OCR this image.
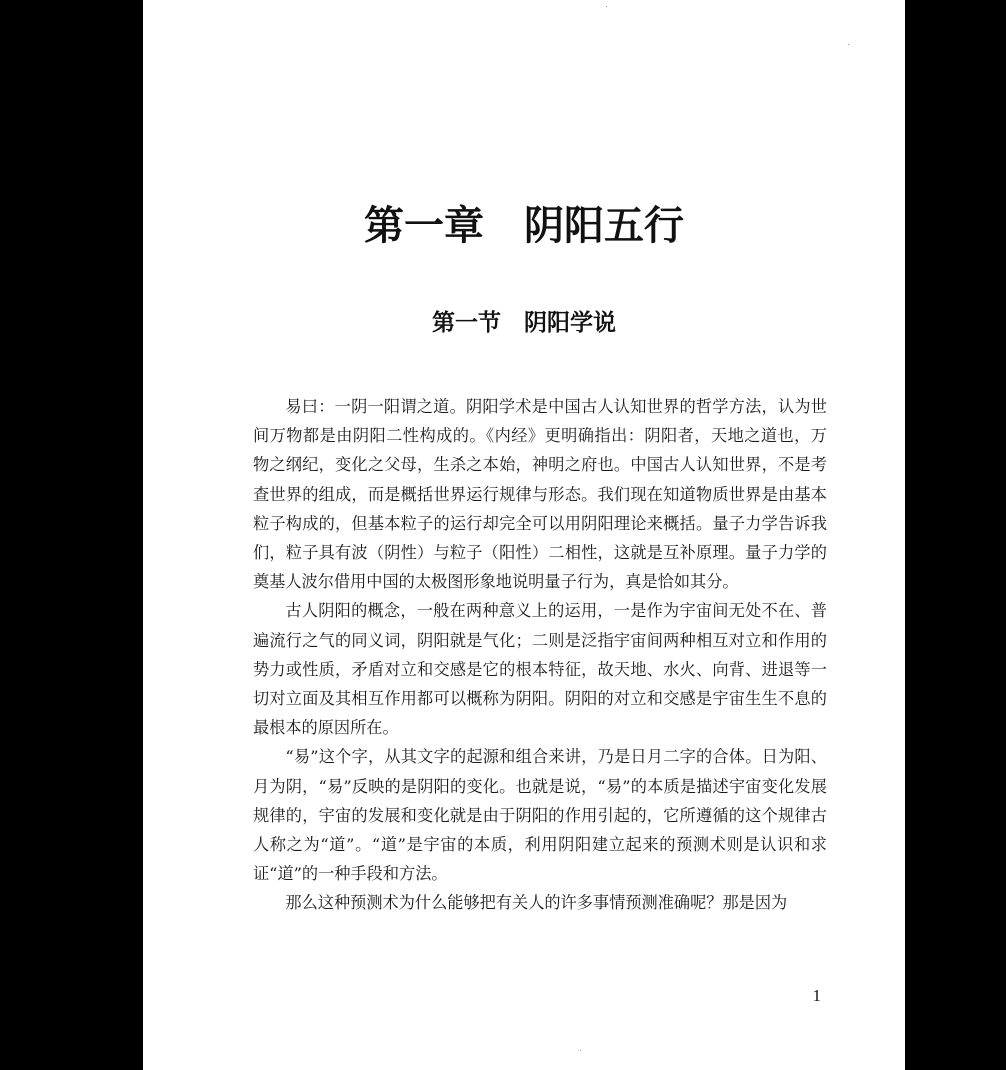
第一章　阴阳五行
第一节　阴阳学说

易曰：一阴一阳谓之道。阴阳学术是中国古人认知世界的哲学方法，认为世间万物都是由阴阳二性构成的。《内经》更明确指出：阴阳者，天地之道也，万物之纲纪，变化之父母，生杀之本始，神明之府也。中国古人认知世界，不是考查世界的组成，而是概括世界运行规律与形态。我们现在知道物质世界是由基本粒子构成的，但基本粒子的运行却完全可以用阴阳理论来概括。量子力学告诉我们，粒子具有波（阴性）与粒子（阳性）二相性，这就是互补原理。量子力学的奠基人波尔借用中国的太极图形象地说明量子行为，真是恰如其分。

古人阴阳的概念，一般在两种意义上的运用，一是作为宇宙间无处不在、普遍流行之气的同义词，阴阳就是气化；二则是泛指宇宙间两种相互对立和作用的势力或性质，矛盾对立和交感是它的根本特征，故天地、水火、向背、进退等一切对立面及其相互作用都可以概称为阴阳。阴阳的对立和交感是宇宙生生不息的最根本的原因所在。

“易”这个字，从其文字的起源和组合来讲，乃是日月二字的合体。日为阳、月为阴，“易”反映的是阴阳的变化。也就是说，“易”的本质是描述宇宙变化发展规律的，宇宙的发展和变化就是由于阴阳的作用引起的，它所遵循的这个规律古人称之为“道”。“道”是宇宙的本质，利用阴阳建立起来的预测术则是认识和求证“道”的一种手段和方法。

那么这种预测术为什么能够把有关人的许多事情预测准确呢？那是因为

1
